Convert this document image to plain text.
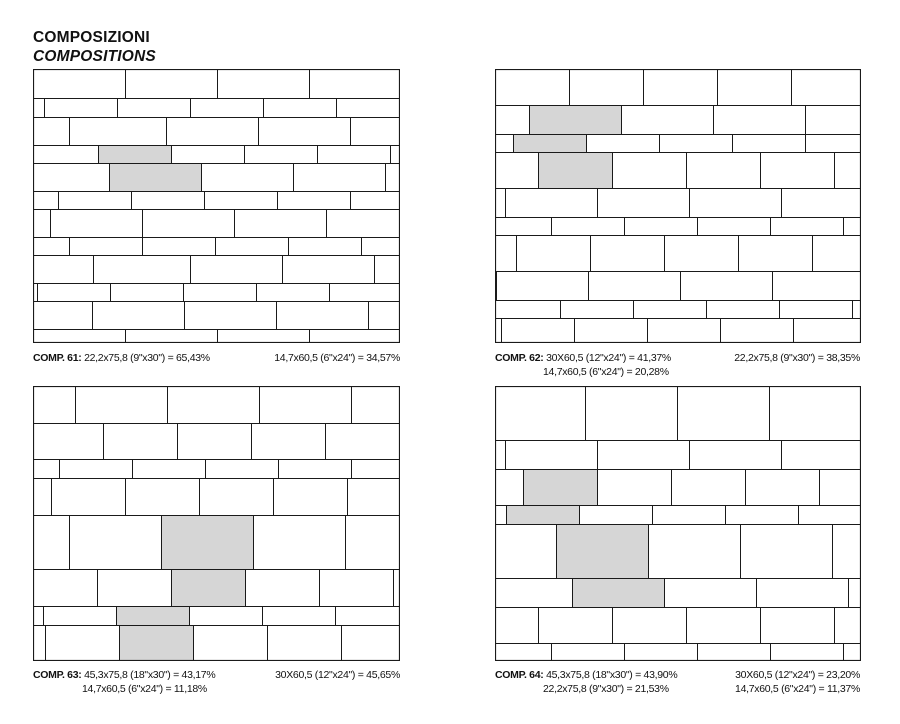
COMPOSIZIONI
COMPOSITIONS
COMP. 61: 22,2x75,8 (9"x30") = 65,43%	14,7x60,5 (6"x24") = 34,57%	COMP. 62: 30X60,5 (12"x24") = 41,37%
14,7x60,5 (6"x24") = 20,28%
22,2x75,8 (9"x30") = 38,35%
COMP. 63: 45,3x75,8 (18"x30") = 43,17%
14,7x60,5 (6"x24") = 11,18%
30X60,5 (12"x24") = 45,65%	COMP. 64: 45,3x75,8 (18"x30") = 43,90%
22,2x75,8 (9"x30") = 21,53%
30X60,5 (12"x24") = 23,20%
14,7x60,5 (6"x24") = 11,37%
